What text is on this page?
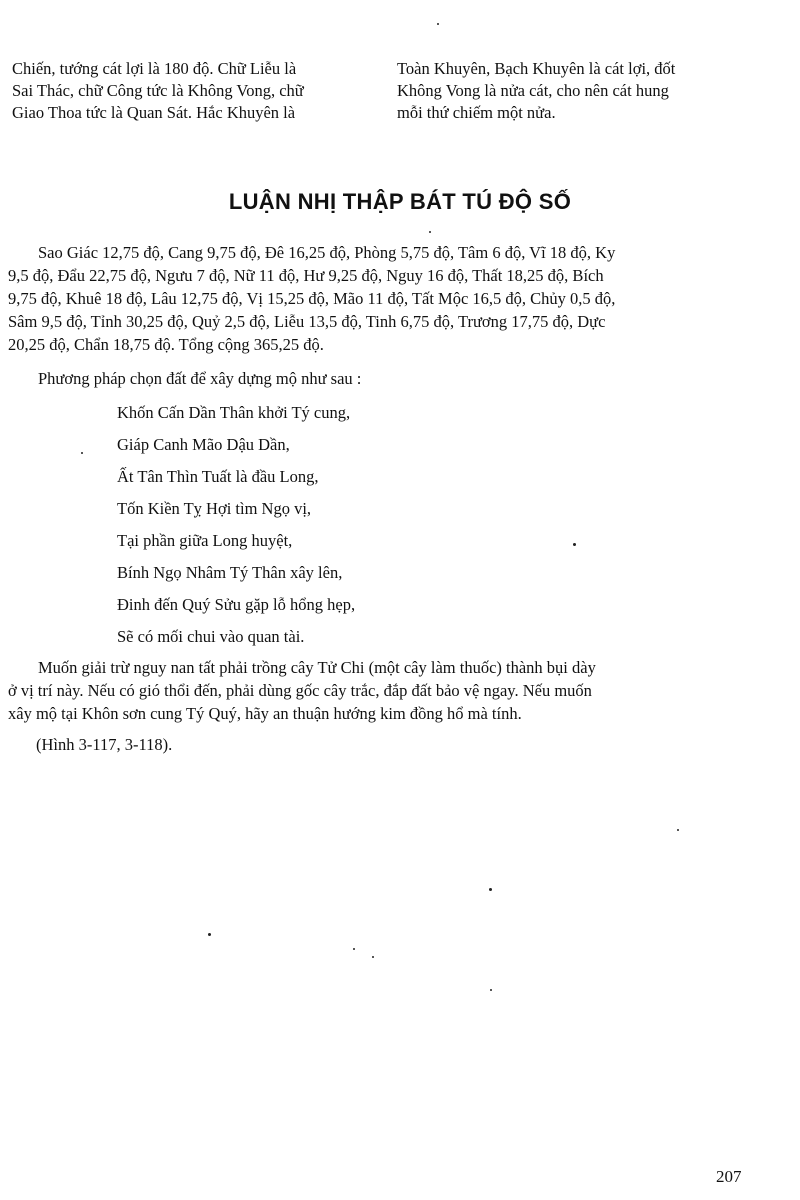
Chiến, tướng cát lợi là 180 độ. Chữ Liễu là
Sai Thác, chữ Công tức là Không Vong, chữ
Giao Thoa tức là Quan Sát. Hắc Khuyên là
Toàn Khuyên, Bạch Khuyên là cát lợi, đốt
Không Vong là nửa cát, cho nên cát hung
mỗi thứ chiếm một nửa.
LUẬN NHỊ THẬP BÁT TÚ ĐỘ SỐ
Sao Giác 12,75 độ, Cang 9,75 độ, Đê 16,25 độ, Phòng 5,75 độ, Tâm 6 độ, Vĩ 18 độ, Ky
9,5 độ, Đẩu 22,75 độ, Ngưu 7 độ, Nữ 11 độ, Hư 9,25 độ, Nguy 16 độ, Thất 18,25 độ, Bích
9,75 độ, Khuê 18 độ, Lâu 12,75 độ, Vị 15,25 độ, Mão 11 độ, Tất Mộc 16,5 độ, Chủy 0,5 độ,
Sâm 9,5 độ, Tỉnh 30,25 độ, Quỷ 2,5 độ, Liễu 13,5 độ, Tinh 6,75 độ, Trương 17,75 độ, Dực
20,25 độ, Chẩn 18,75 độ. Tổng cộng 365,25 độ.
Phương pháp chọn đất để xây dựng mộ như sau :
Khốn Cấn Dần Thân khởi Tý cung,
Giáp Canh Mão Dậu Dần,
Ất Tân Thìn Tuất là đầu Long,
Tốn Kiền Tỵ Hợi tìm Ngọ vị,
Tại phần giữa Long huyệt,
Bính Ngọ Nhâm Tý Thân xây lên,
Đinh đến Quý Sửu gặp lỗ hổng hẹp,
Sẽ có mối chui vào quan tài.
Muốn giải trừ nguy nan tất phải trồng cây Tử Chi (một cây làm thuốc) thành bụi dày
ở vị trí này. Nếu có gió thổi đến, phải dùng gốc cây trắc, đắp đất bảo vệ ngay. Nếu muốn
xây mộ tại Khôn sơn cung Tý Quý, hãy an thuận hướng kim đồng hổ mà tính.
(Hình 3-117, 3-118).
207
